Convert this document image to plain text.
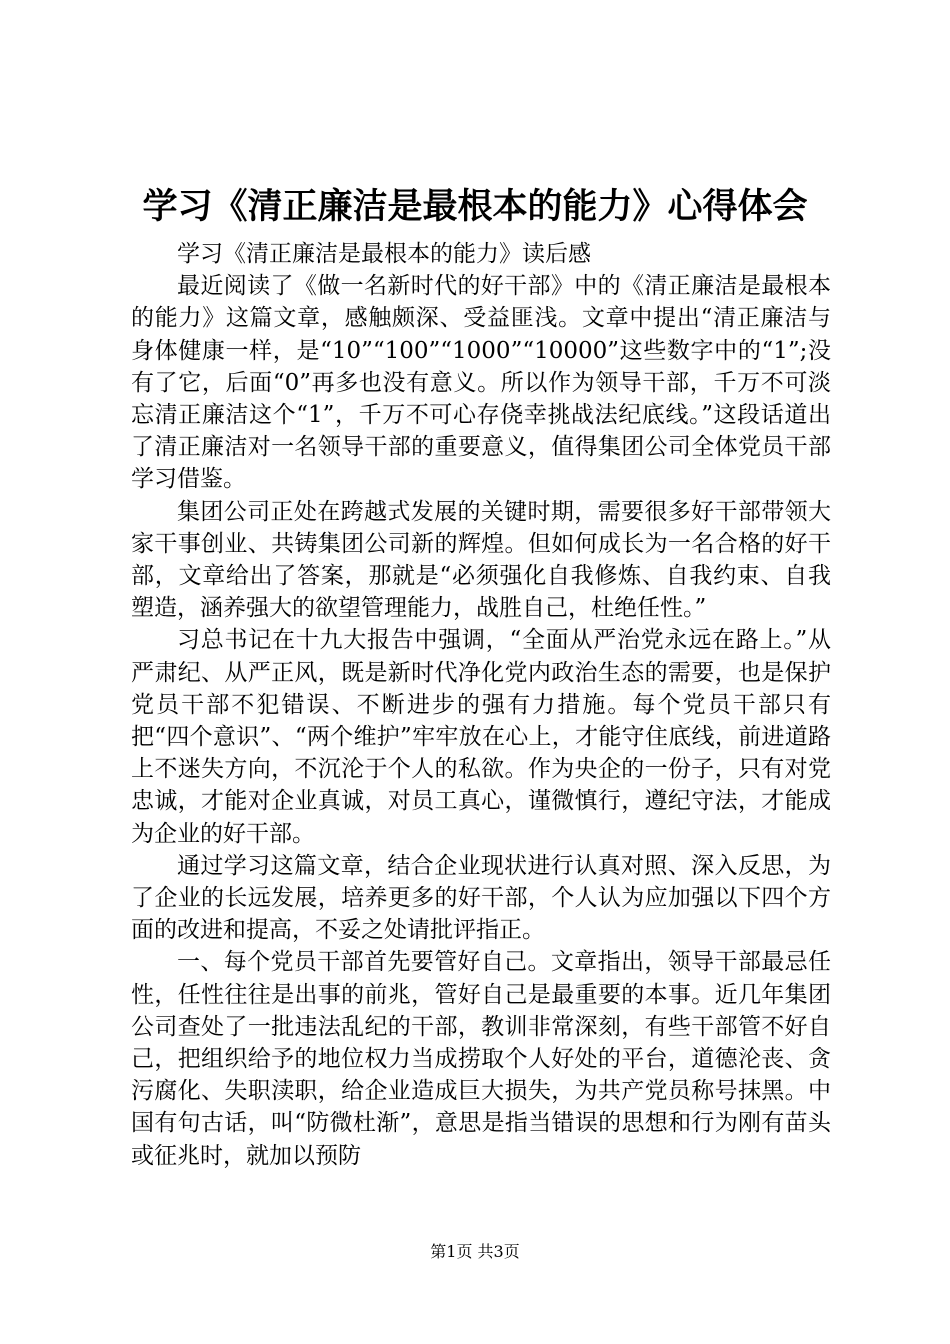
学习《清正廉洁是最根本的能力》心得体会

学习《清正廉洁是最根本的能力》读后感

最近阅读了《做一名新时代的好干部》中的《清正廉洁是最根本的能力》这篇文章，感触颇深、受益匪浅。文章中提出“清正廉洁与身体健康一样，是“10”“100”“1000”“10000”这些数字中的“1”;没有了它，后面“0”再多也没有意义。所以作为领导干部，千万不可淡忘清正廉洁这个“1”，千万不可心存侥幸挑战法纪底线。”这段话道出了清正廉洁对一名领导干部的重要意义，值得集团公司全体党员干部学习借鉴。

集团公司正处在跨越式发展的关键时期，需要很多好干部带领大家干事创业、共铸集团公司新的辉煌。但如何成长为一名合格的好干部，文章给出了答案，那就是“必须强化自我修炼、自我约束、自我塑造，涵养强大的欲望管理能力，战胜自己，杜绝任性。”

习总书记在十九大报告中强调，“全面从严治党永远在路上。”从严肃纪、从严正风，既是新时代净化党内政治生态的需要，也是保护党员干部不犯错误、不断进步的强有力措施。每个党员干部只有把“四个意识”、“两个维护”牢牢放在心上，才能守住底线，前进道路上不迷失方向，不沉沦于个人的私欲。作为央企的一份子，只有对党忠诚，才能对企业真诚，对员工真心，谨微慎行，遵纪守法，才能成为企业的好干部。

通过学习这篇文章，结合企业现状进行认真对照、深入反思，为了企业的长远发展，培养更多的好干部，个人认为应加强以下四个方面的改进和提高，不妥之处请批评指正。

一、每个党员干部首先要管好自己。文章指出，领导干部最忌任性，任性往往是出事的前兆，管好自己是最重要的本事。近几年集团公司查处了一批违法乱纪的干部，教训非常深刻，有些干部管不好自己，把组织给予的地位权力当成捞取个人好处的平台，道德沦丧、贪污腐化、失职渎职，给企业造成巨大损失，为共产党员称号抹黑。中国有句古话，叫“防微杜渐”，意思是指当错误的思想和行为刚有苗头或征兆时，就加以预防

第1页 共3页
